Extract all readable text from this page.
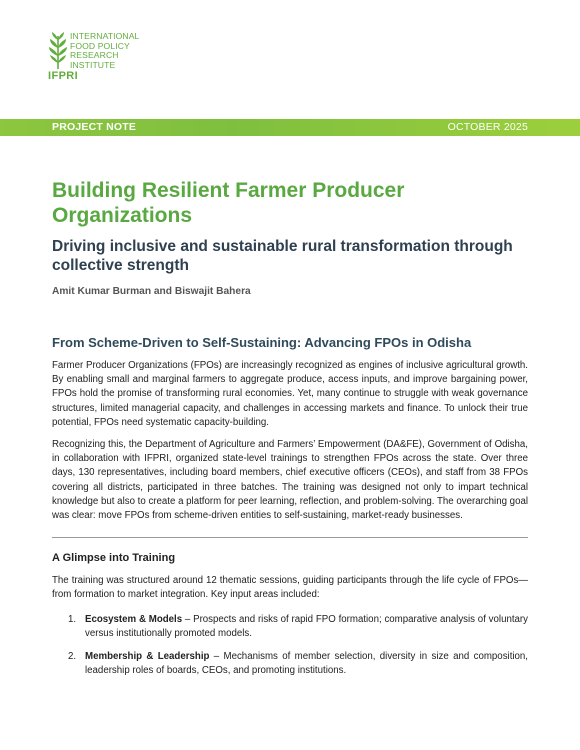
INTERNATIONAL
FOOD POLICY
RESEARCH
INSTITUTE
IFPRI
PROJECT NOTE	OCTOBER 2025
Building Resilient Farmer Producer Organizations
Driving inclusive and sustainable rural transformation through collective strength
Amit Kumar Burman and Biswajit Bahera
From Scheme-Driven to Self-Sustaining: Advancing FPOs in Odisha

Farmer Producer Organizations (FPOs) are increasingly recognized as engines of inclusive agricultural growth. By enabling small and marginal farmers to aggregate produce, access inputs, and improve bargaining power, FPOs hold the promise of transforming rural economies. Yet, many continue to struggle with weak governance structures, limited managerial capacity, and challenges in accessing markets and finance. To unlock their true potential, FPOs need systematic capacity-building.

Recognizing this, the Department of Agriculture and Farmers’ Empowerment (DA&FE), Government of Odisha, in collaboration with IFPRI, organized state-level trainings to strengthen FPOs across the state. Over three days, 130 representatives, including board members, chief executive officers (CEOs), and staff from 38 FPOs covering all districts, participated in three batches. The training was designed not only to impart technical knowledge but also to create a platform for peer learning, reflection, and problem-solving. The overarching goal was clear: move FPOs from scheme-driven entities to self-sustaining, market-ready businesses.

A Glimpse into Training

The training was structured around 12 thematic sessions, guiding participants through the life cycle of FPOs—from formation to market integration. Key input areas included:

1. Ecosystem & Models – Prospects and risks of rapid FPO formation; comparative analysis of voluntary versus institutionally promoted models.
2. Membership & Leadership – Mechanisms of member selection, diversity in size and composition, leadership roles of boards, CEOs, and promoting institutions.
